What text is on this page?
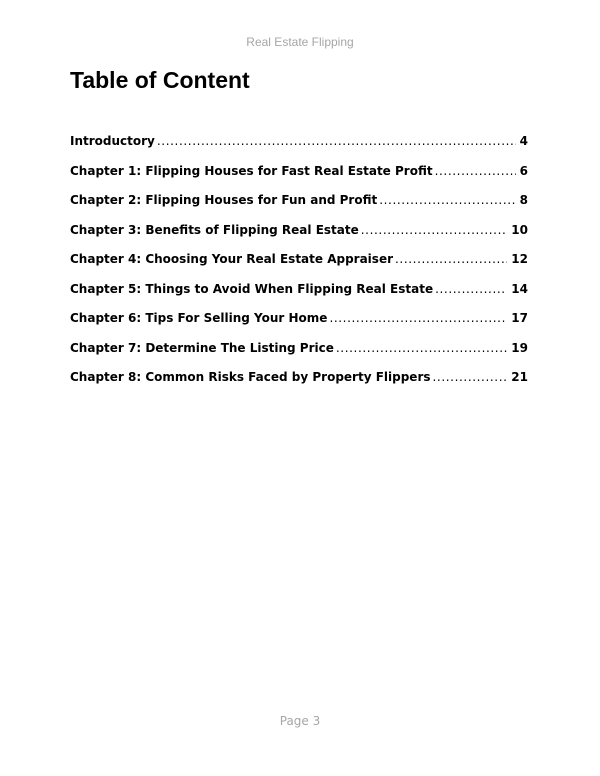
Real Estate Flipping
Table of Content
Introductory .....	4
Chapter 1: Flipping Houses for Fast Real Estate Profit .....	6
Chapter 2: Flipping Houses for Fun and Profit .....	8
Chapter 3: Benefits of Flipping Real Estate .....	10
Chapter 4: Choosing Your Real Estate Appraiser .....	12
Chapter 5: Things to Avoid When Flipping Real Estate .....	14
Chapter 6: Tips For Selling Your Home .....	17
Chapter 7: Determine The Listing Price .....	19
Chapter 8: Common Risks Faced by Property Flippers .....	21
Page 3
